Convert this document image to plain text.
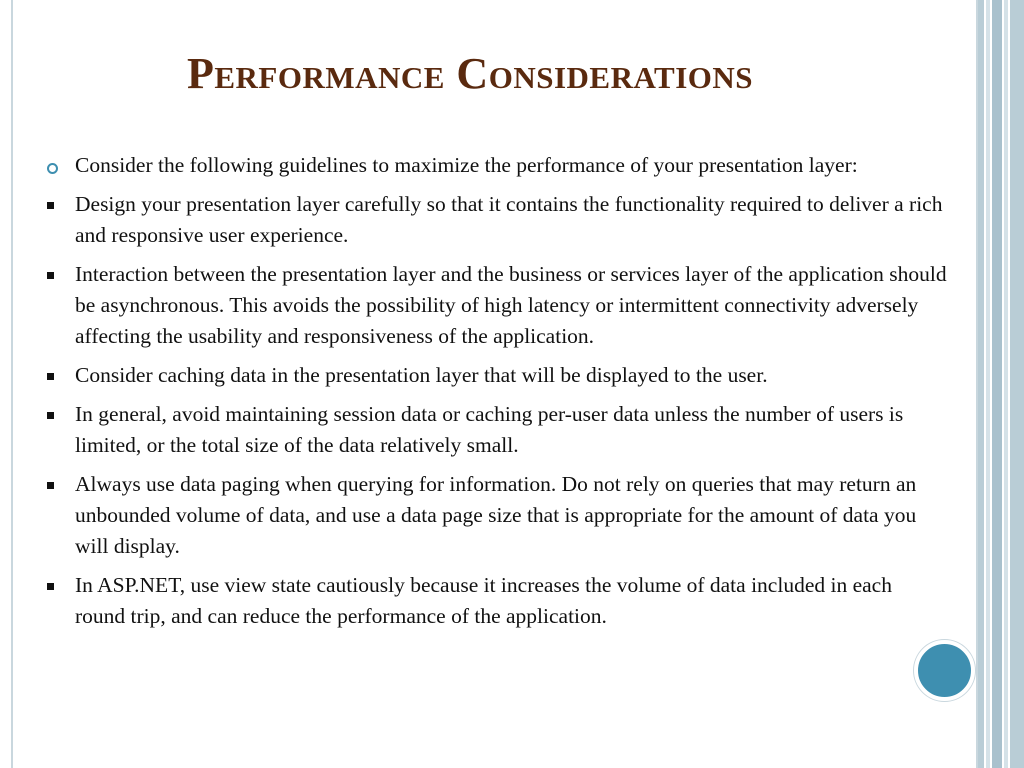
Performance Considerations
Consider the following guidelines to maximize the performance of your presentation layer:
Design your presentation layer carefully so that it contains the functionality required to deliver a rich and responsive user experience.
Interaction between the presentation layer and the business or services layer of the application should be asynchronous. This avoids the possibility of high latency or intermittent connectivity adversely affecting the usability and responsiveness of the application.
Consider caching data in the presentation layer that will be displayed to the user.
In general, avoid maintaining session data or caching per-user data unless the number of users is limited, or the total size of the data relatively small.
Always use data paging when querying for information. Do not rely on queries that may return an unbounded volume of data, and use a data page size that is appropriate for the amount of data you will display.
In ASP.NET, use view state cautiously because it increases the volume of data included in each round trip, and can reduce the performance of the application.
